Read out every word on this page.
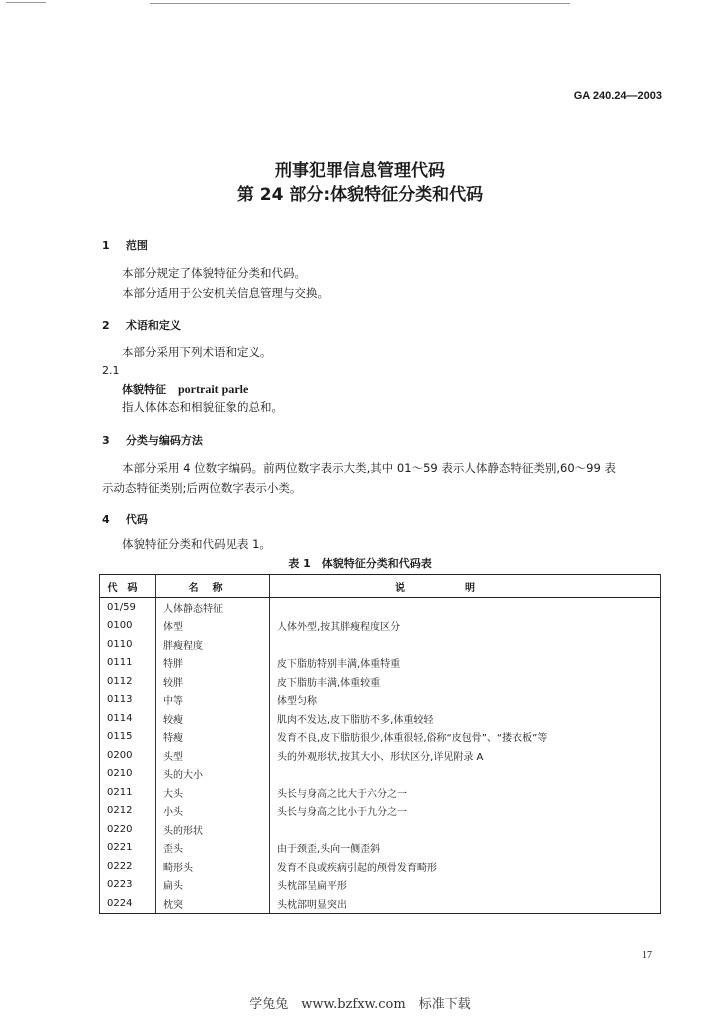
GA 240.24—2003
刑事犯罪信息管理代码
第 24 部分:体貌特征分类和代码
1 范围
本部分规定了体貌特征分类和代码。
本部分适用于公安机关信息管理与交换。
2 术语和定义
本部分采用下列术语和定义。
2.1
体貌特征 portrait parle
指人体体态和相貌征象的总和。
3 分类与编码方法
本部分采用 4 位数字编码。前两位数字表示大类,其中 01～59 表示人体静态特征类别,60～99 表
示动态特征类别;后两位数字表示小类。
4 代码
体貌特征分类和代码见表 1。
表 1　体貌特征分类和代码表
代码	名称	说明
01/59	人体静态特征	
0100	体型	人体外型,按其胖瘦程度区分
0110	胖瘦程度	
0111	特胖	皮下脂肪特别丰满,体重特重
0112	较胖	皮下脂肪丰满,体重较重
0113	中等	体型匀称
0114	较瘦	肌肉不发达,皮下脂肪不多,体重较轻
0115	特瘦	发育不良,皮下脂肪很少,体重很轻,俗称“皮包骨”、“搂衣板”等
0200	头型	头的外观形状,按其大小、形状区分,详见附录 A
0210	头的大小	
0211	大头	头长与身高之比大于六分之一
0212	小头	头长与身高之比小于九分之一
0220	头的形状	
0221	歪头	由于颈歪,头向一侧歪斜
0222	畸形头	发育不良或疾病引起的颅骨发育畸形
0223	扁头	头枕部呈扁平形
0224	枕突	头枕部明显突出
17
学兔兔　www.bzfxw.com　标准下载
